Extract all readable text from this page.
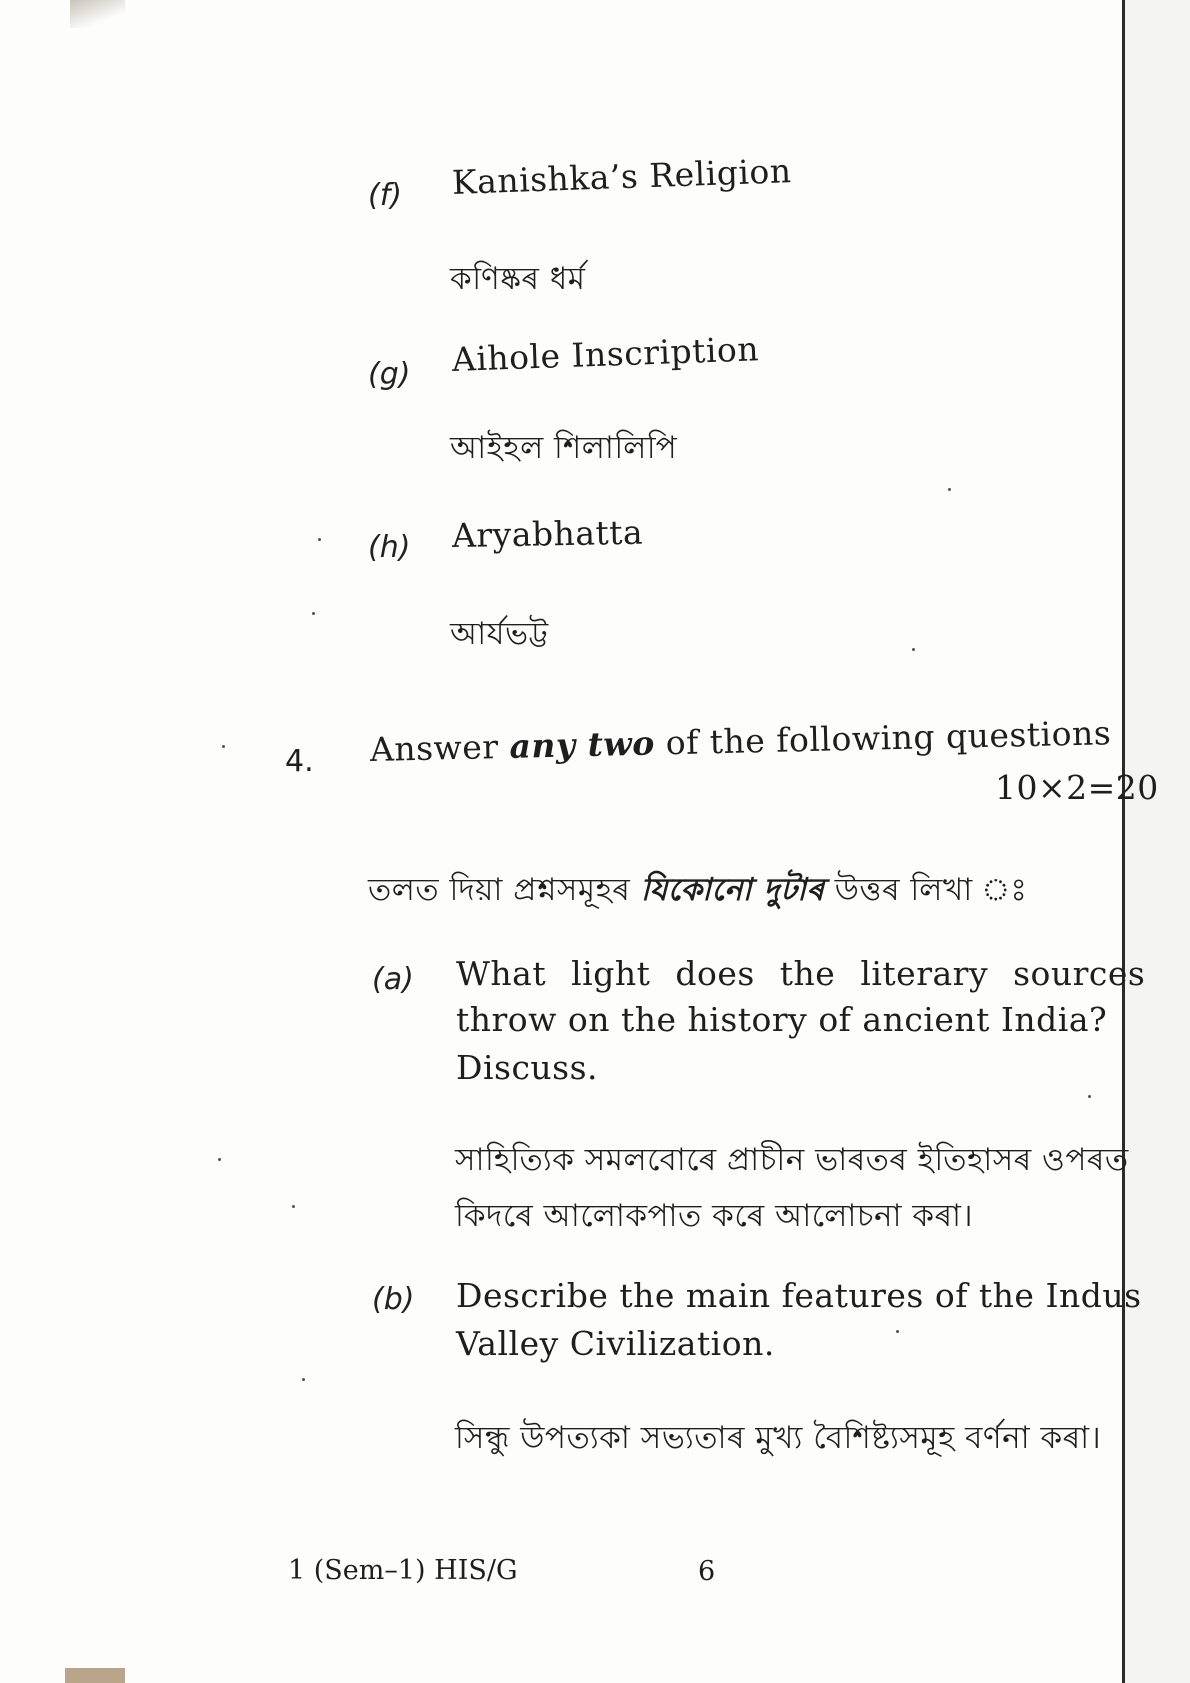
(f) Kanishka’s Religion
কণিষ্কৰ ধৰ্ম
(g) Aihole Inscription
আইহল শিলালিপি
(h) Aryabhatta
আৰ্যভট্ট
4. Answer any two of the following questions
10×2=20
তলত দিয়া প্ৰশ্নসমূহৰ যিকোনো দুটাৰ উত্তৰ লিখা ঃ
(a) What light does the literary sources
throw on the history of ancient India?
Discuss.
সাহিত্যিক সমলবোৰে প্ৰাচীন ভাৰতৰ ইতিহাসৰ ওপৰত
কিদৰে আলোকপাত কৰে আলোচনা কৰা।
(b) Describe the main features of the Indus
Valley Civilization.
সিন্ধু উপত্যকা সভ্যতাৰ মুখ্য বৈশিষ্ট্যসমূহ বৰ্ণনা কৰা।
1 (Sem–1) HIS/G	6
